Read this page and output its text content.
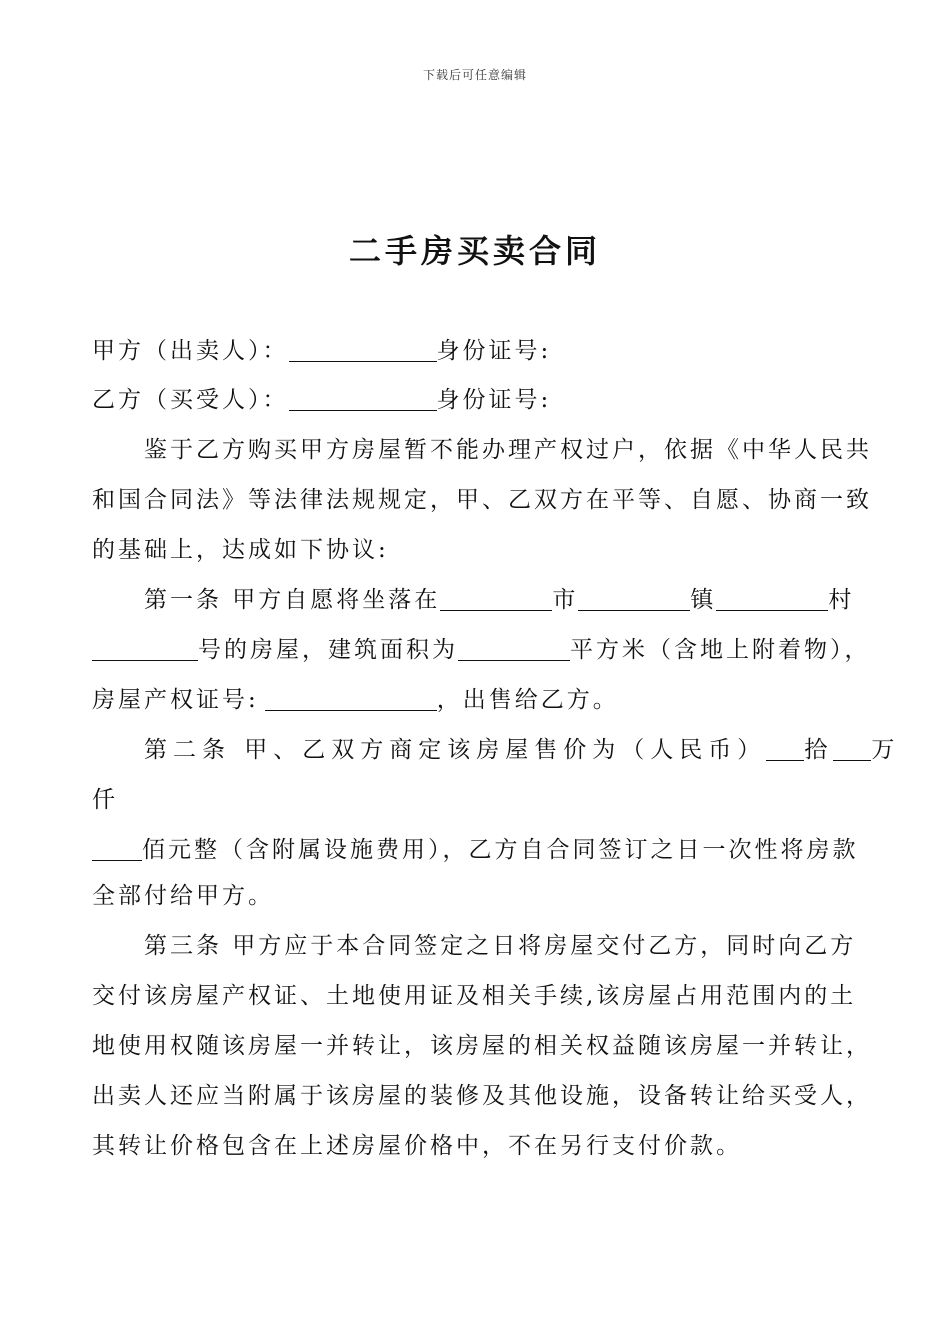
下载后可任意编辑
二手房买卖合同
甲方（出卖人）：	身份证号:
乙方（买受人）：	身份证号:
鉴于乙方购买甲方房屋暂不能办理产权过户，依据《中华人民共
和国合同法》等法律法规规定，甲、乙双方在平等、自愿、协商一致
的基础上，达成如下协议:
第一条 甲方自愿将坐落在	市	镇	村
号的房屋，建筑面积为	平方米（含地上附着物），
房屋产权证号:	，出售给乙方。
第二条 甲、乙双方商定该房屋售价为（人民币） 拾 万
仟
佰元整（含附属设施费用），乙方自合同签订之日一次性将房款
全部付给甲方。
第三条 甲方应于本合同签定之日将房屋交付乙方，同时向乙方
交付该房屋产权证、土地使用证及相关手续,该房屋占用范围内的土
地使用权随该房屋一并转让，该房屋的相关权益随该房屋一并转让，
出卖人还应当附属于该房屋的装修及其他设施，设备转让给买受人，
其转让价格包含在上述房屋价格中，不在另行支付价款。
